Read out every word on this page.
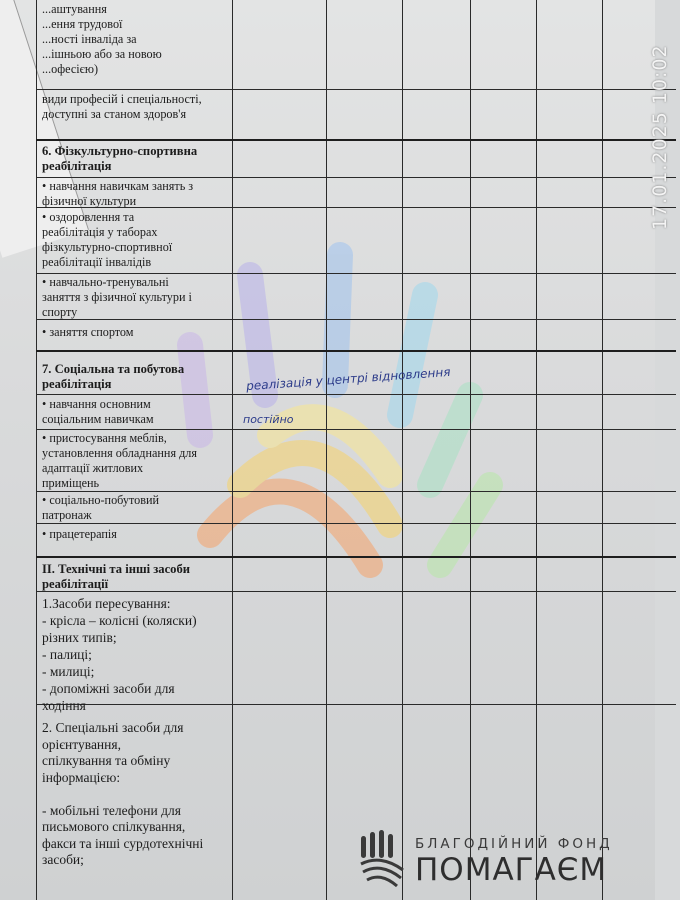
...аштування
...ення трудової
...ності інваліда за
...ішньою або за новою
...офесією)
види професій і спеціальності,
доступні за станом здоров'я
6. Фізкультурно-спортивна
реабілітація
• навчання навичкам занять з
фізичної культури
• оздоровлення та
реабілітація у таборах
фізкультурно-спортивної
реабілітації інвалідів
• навчально-тренувальні
заняття з фізичної культури і
спорту
• заняття спортом
7. Соціальна та побутова
реабілітація
• навчання основним
соціальним навичкам
• пристосування меблів,
установлення обладнання для
адаптації житлових
приміщень
• соціально-побутовий
патронаж
• працетерапія
ІІ. Технічні та інші засоби
реабілітації
1.Засоби пересування:
- крісла – колісні (коляски)
різних типів;
- палиці;
- милиці;
- допоміжні засоби для
ходіння
2. Спеціальні засоби для
орієнтування,
спілкування та обміну
інформацією:

- мобільні телефони для
письмового спілкування,
факси та інші сурдотехнічні
засоби;
реалізація у центрі відновлення
постійно
17.01.2025 10:02
БЛАГОДІЙНИЙ ФОНД
ПОМАГАЄМ
